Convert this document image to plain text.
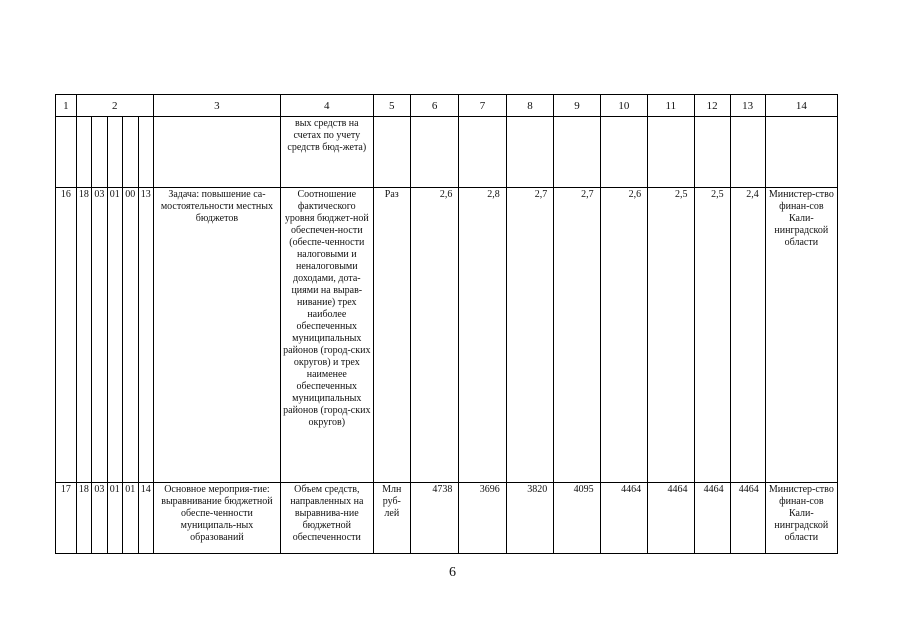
1	2					3	4	5	6	7	8	9	10	11	12	13	14
							вых средств на счетах по учету средств бюд-жета)										
16	18	03	01	00	13	Задача: повышение са-мостоятельности местных бюджетов	Соотношение фактического уровня бюджет-ной обеспечен-ности (обеспе-ченности налоговыми и неналоговыми доходами, дота-циями на вырав-нивание) трех наиболее обеспеченных муниципальных районов (город-ских округов) и трех наименее обеспеченных муниципальных районов (город-ских округов)	Раз	2,6	2,8	2,7	2,7	2,6	2,5	2,5	2,4	Министер-ство финан-сов Кали-нинградской области
17	18	03	01	01	14	Основное мероприя-тие: выравнивание бюджетной обеспе-ченности муниципаль-ных образований	Объем средств, направленных на выравнива-ние бюджетной обеспеченности	Млн руб-лей	4738	3696	3820	4095	4464	4464	4464	4464	Министер-ство финан-сов Кали-нинградской области
6
